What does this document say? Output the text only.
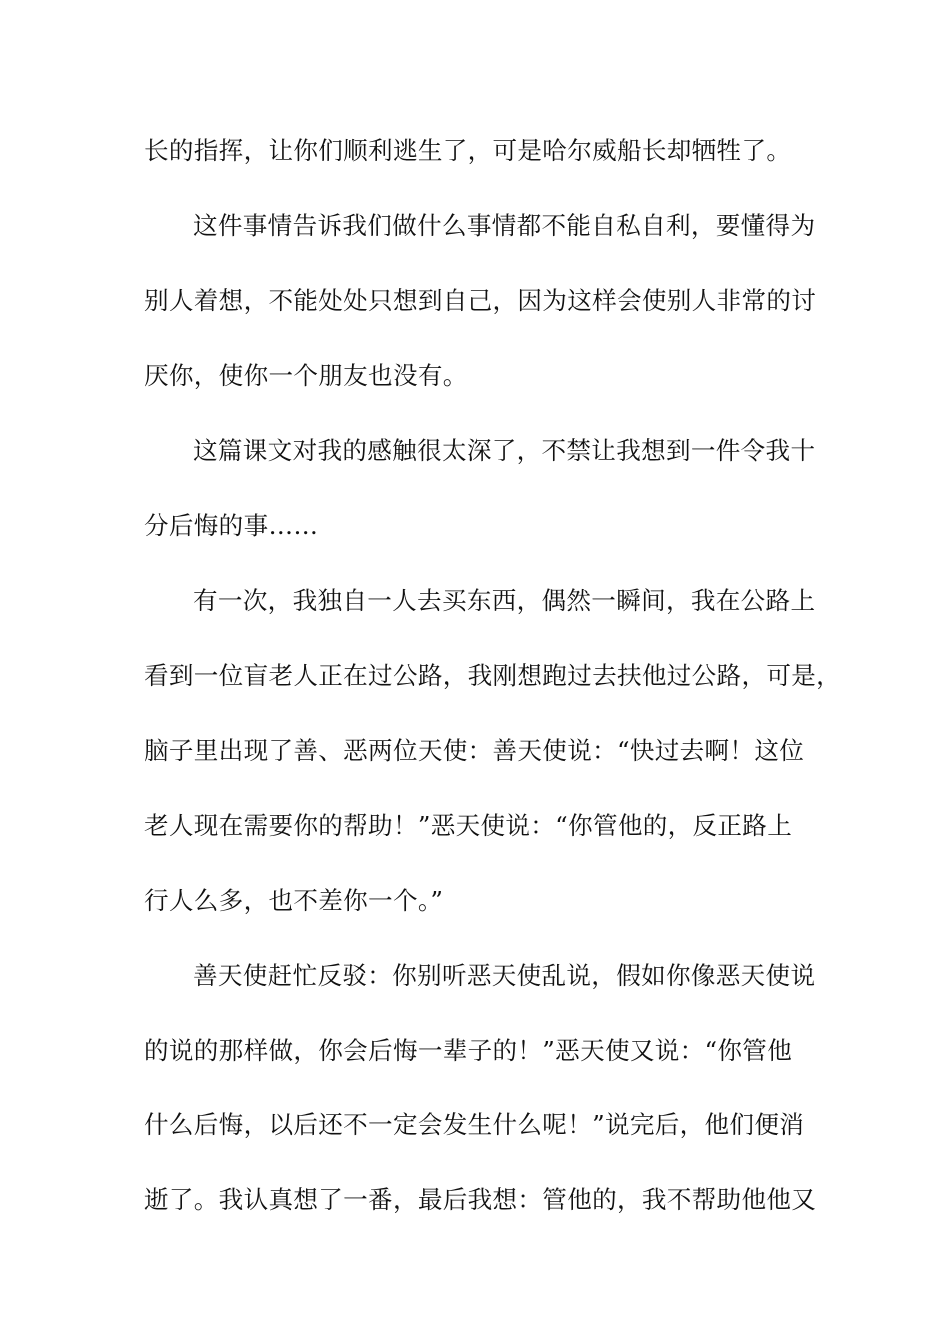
长的指挥，让你们顺利逃生了，可是哈尔威船长却牺牲了。
这件事情告诉我们做什么事情都不能自私自利，要懂得为
别人着想，不能处处只想到自己，因为这样会使别人非常的讨
厌你，使你一个朋友也没有。
这篇课文对我的感触很太深了，不禁让我想到一件令我十
分后悔的事……
有一次，我独自一人去买东西，偶然一瞬间，我在公路上
看到一位盲老人正在过公路，我刚想跑过去扶他过公路，可是，
脑子里出现了善、恶两位天使：善天使说：“快过去啊！这位
老人现在需要你的帮助！”恶天使说：“你管他的，反正路上
行人么多，也不差你一个。”
善天使赶忙反驳：你别听恶天使乱说，假如你像恶天使说
的说的那样做，你会后悔一辈子的！”恶天使又说：“你管他
什么后悔，以后还不一定会发生什么呢！”说完后，他们便消
逝了。我认真想了一番，最后我想：管他的，我不帮助他他又
